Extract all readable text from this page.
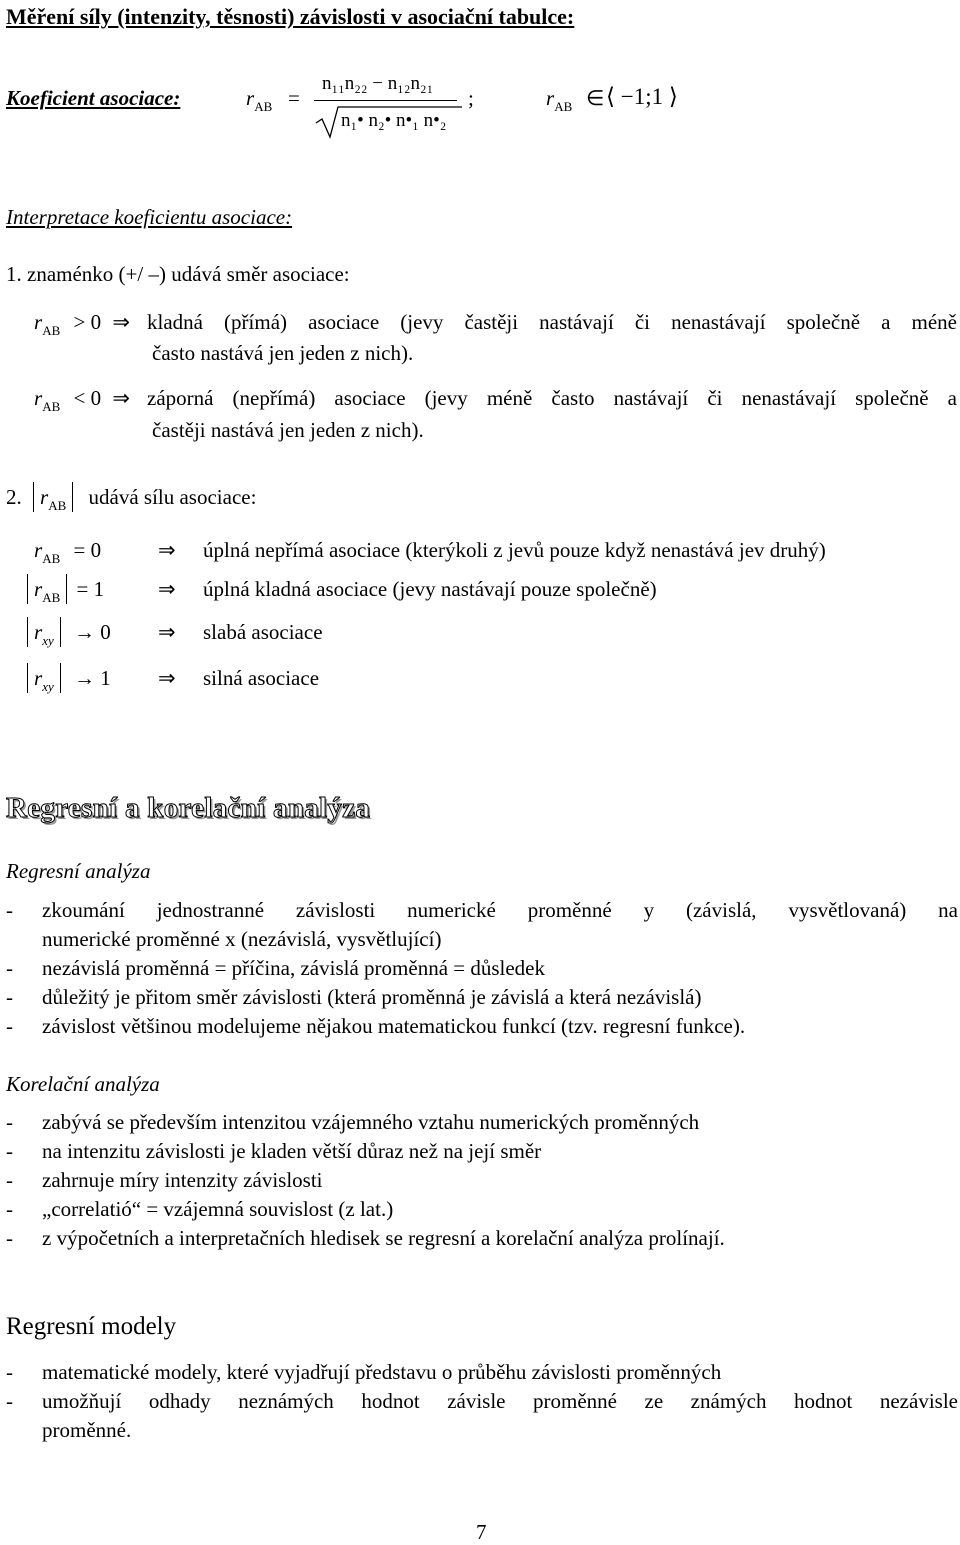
Měření síly (intenzity, těsnosti) závislosti v asociační tabulce:
Koeficient asociace:	$r_{AB}$ =
n₁₁n₂₂ − n₁₂n₂₁
n₁• n₂• n•₁ n•₂
;	$r_{AB}$ ∈ ⟨ −1;1 ⟩
Interpretace koeficientu asociace:
1. znaménko (+/ –) udává směr asociace:
$r_{AB} > 0$ ⇒ kladná (přímá) asociace (jevy častěji nastávají či nenastávají společně a méně
často nastává jen jeden z nich).
$r_{AB} < 0$ ⇒ záporná (nepřímá) asociace (jevy méně často nastávají či nenastávají společně a
častěji nastává jen jeden z nich).
2. $r_{AB}$ udává sílu asociace:
$r_{AB} = 0$	⇒ úplná nepřímá asociace (kterýkoli z jevů pouze když nenastává jev druhý)
$r_{AB} = 1$	⇒ úplná kladná asociace (jevy nastávají pouze společně)
$r_{xy} \to 0$ ⇒ slabá asociace
$r_{xy} \to 1$ ⇒ silná asociace
Regresní a korelační analýza
Regresní analýza
- zkoumání jednostranné závislosti numerické proměnné y (závislá, vysvětlovaná) na
numerické proměnné x (nezávislá, vysvětlující)
- nezávislá proměnná = příčina, závislá proměnná = důsledek
- důležitý je přitom směr závislosti (která proměnná je závislá a která nezávislá)
- závislost většinou modelujeme nějakou matematickou funkcí (tzv. regresní funkce).
Korelační analýza
- zabývá se především intenzitou vzájemného vztahu numerických proměnných
- na intenzitu závislosti je kladen větší důraz než na její směr
- zahrnuje míry intenzity závislosti
- „correlatió“ = vzájemná souvislost (z lat.)
- z výpočetních a interpretačních hledisek se regresní a korelační analýza prolínají.
Regresní modely
- matematické modely, které vyjadřují představu o průběhu závislosti proměnných
- umožňují odhady neznámých hodnot závisle proměnné ze známých hodnot nezávisle
proměnné.
7
